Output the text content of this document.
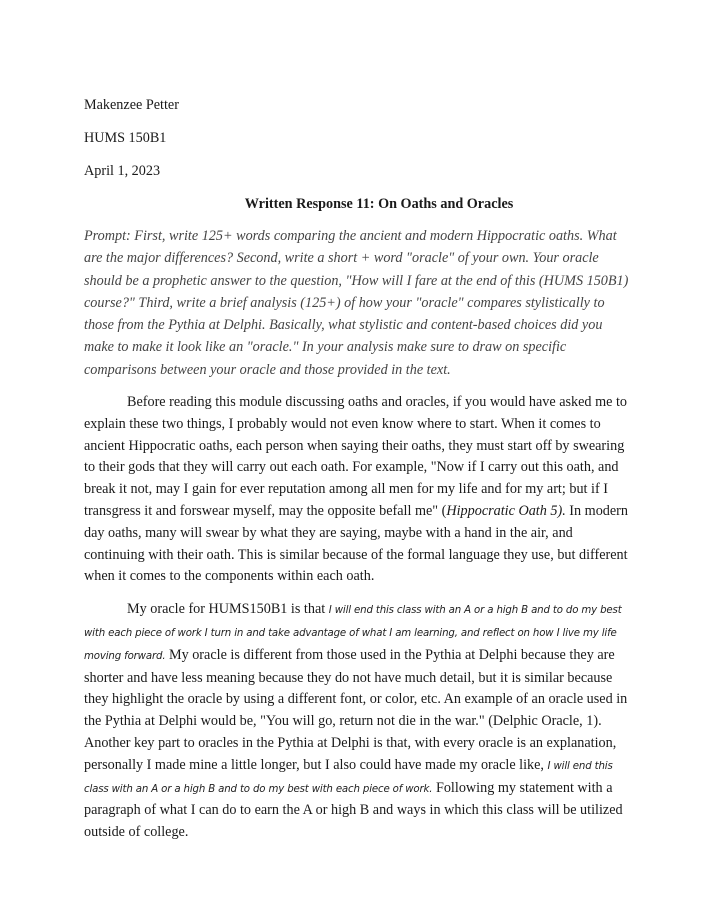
Makenzee Petter

HUMS 150B1

April 1, 2023

Written Response 11: On Oaths and Oracles

Prompt: First, write 125+ words comparing the ancient and modern Hippocratic oaths. What are the major differences? Second, write a short + word "oracle" of your own. Your oracle should be a prophetic answer to the question, "How will I fare at the end of this (HUMS 150B1) course?" Third, write a brief analysis (125+) of how your "oracle" compares stylistically to those from the Pythia at Delphi. Basically, what stylistic and content-based choices did you make to make it look like an "oracle." In your analysis make sure to draw on specific comparisons between your oracle and those provided in the text.

Before reading this module discussing oaths and oracles, if you would have asked me to explain these two things, I probably would not even know where to start. When it comes to ancient Hippocratic oaths, each person when saying their oaths, they must start off by swearing to their gods that they will carry out each oath. For example, "Now if I carry out this oath, and break it not, may I gain for ever reputation among all men for my life and for my art; but if I transgress it and forswear myself, may the opposite befall me" (Hippocratic Oath 5). In modern day oaths, many will swear by what they are saying, maybe with a hand in the air, and continuing with their oath. This is similar because of the formal language they use, but different when it comes to the components within each oath.

My oracle for HUMS150B1 is that I will end this class with an A or a high B and to do my best with each piece of work I turn in and take advantage of what I am learning, and reflect on how I live my life moving forward. My oracle is different from those used in the Pythia at Delphi because they are shorter and have less meaning because they do not have much detail, but it is similar because they highlight the oracle by using a different font, or color, etc. An example of an oracle used in the Pythia at Delphi would be, "You will go, return not die in the war." (Delphic Oracle, 1). Another key part to oracles in the Pythia at Delphi is that, with every oracle is an explanation, personally I made mine a little longer, but I also could have made my oracle like, I will end this class with an A or a high B and to do my best with each piece of work. Following my statement with a paragraph of what I can do to earn the A or high B and ways in which this class will be utilized outside of college.
